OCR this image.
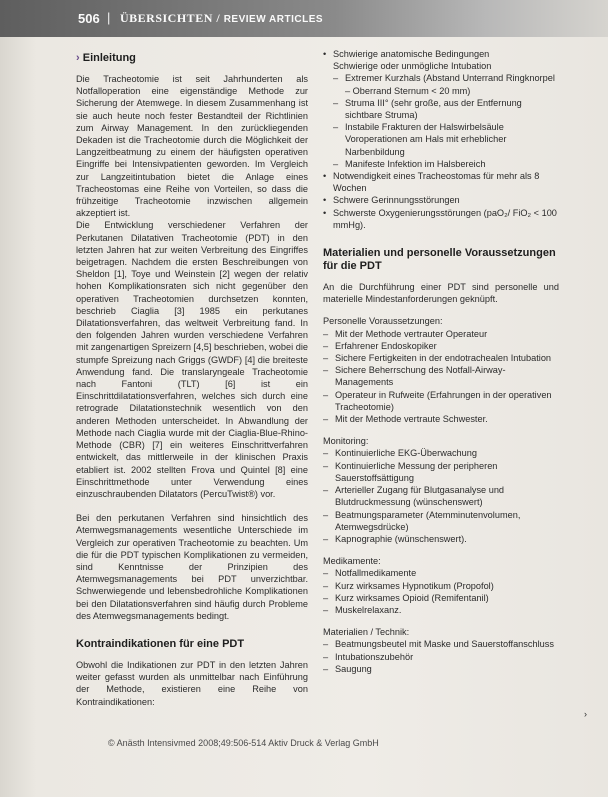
506 | ÜBERSICHTEN / REVIEW ARTICLES
› Einleitung

Die Tracheotomie ist seit Jahrhunderten als Notfalloperation eine eigenständige Methode zur Sicherung der Atemwege. In diesem Zusammenhang ist sie auch heute noch fester Bestandteil der Richtlinien zum Airway Management. In den zurückliegenden Dekaden ist die Tracheotomie durch die Möglichkeit der Langzeitbeatmung zu einem der häufigsten operativen Eingriffe bei Intensivpatienten geworden. Im Vergleich zur Langzeitintubation bietet die Anlage eines Tracheostomas eine Reihe von Vorteilen, so dass die frühzeitige Tracheotomie inzwischen allgemein akzeptiert ist.

Die Entwicklung verschiedener Verfahren der Perkutanen Dilatativen Tracheotomie (PDT) in den letzten Jahren hat zur weiten Verbreitung des Eingriffes beigetragen. Nachdem die ersten Beschreibungen von Sheldon [1], Toye und Weinstein [2] wegen der relativ hohen Komplikationsraten sich nicht gegenüber den operativen Tracheotomien durchsetzen konnten, beschrieb Ciaglia [3] 1985 ein perkutanes Dilatationsverfahren, das weltweit Verbreitung fand. In den folgenden Jahren wurden verschiedene Verfahren mit zangenartigen Spreizern [4,5] beschrieben, wobei die stumpfe Spreizung nach Griggs (GWDF) [4] die breiteste Anwendung fand. Die translaryngeale Tracheotomie nach Fantoni (TLT) [6] ist ein Einschrittdilatationsverfahren, welches sich durch eine retrograde Dilatationstechnik wesentlich von den anderen Methoden unterscheidet. In Abwandlung der Methode nach Ciaglia wurde mit der Ciaglia-Blue-Rhino-Methode (CBR) [7] ein weiteres Einschrittverfahren entwickelt, das mittlerweile in der klinischen Praxis etabliert ist. 2002 stellten Frova und Quintel [8] eine Einschrittmethode unter Verwendung eines einzuschraubenden Dilatators (PercuTwist®) vor.

Bei den perkutanen Verfahren sind hinsichtlich des Atemwegsmanagements wesentliche Unterschiede im Vergleich zur operativen Tracheotomie zu beachten. Um die für die PDT typischen Komplikationen zu vermeiden, sind Kenntnisse der Prinzipien des Atemwegsmanagements bei PDT unverzichtbar. Schwerwiegende und lebensbedrohliche Komplikationen bei den Dilatationsverfahren sind häufig durch Probleme des Atemwegsmanagements bedingt.

Kontraindikationen für eine PDT

Obwohl die Indikationen zur PDT in den letzten Jahren weiter gefasst wurden als unmittelbar nach Einführung der Methode, existieren eine Reihe von Kontraindikationen:

• Schwierige anatomische Bedingungen
Schwierige oder unmögliche Intubation
– Extremer Kurzhals (Abstand Unterrand Ringknorpel – Oberrand Sternum < 20 mm)
– Struma III° (sehr große, aus der Entfernung sichtbare Struma)
– Instabile Frakturen der Halswirbelsäule Voroperationen am Hals mit erheblicher Narbenbildung
– Manifeste Infektion im Halsbereich
• Notwendigkeit eines Tracheostomas für mehr als 8 Wochen
• Schwere Gerinnungsstörungen
• Schwerste Oxygenierungsstörungen (paO₂/ FiO₂ < 100 mmHg).
Materialien und personelle Voraussetzungen für die PDT

An die Durchführung einer PDT sind personelle und materielle Mindestanforderungen geknüpft.

Personelle Voraussetzungen:
– Mit der Methode vertrauter Operateur
– Erfahrener Endoskopiker
– Sichere Fertigkeiten in der endotrachealen Intubation
– Sichere Beherrschung des Notfall-Airway-Managements
– Operateur in Rufweite (Erfahrungen in der operativen Tracheotomie)
– Mit der Methode vertraute Schwester.
Monitoring:
– Kontinuierliche EKG-Überwachung
– Kontinuierliche Messung der peripheren Sauerstoffsättigung
– Arterieller Zugang für Blutgasanalyse und Blutdruckmessung (wünschenswert)
– Beatmungsparameter (Atemminutenvolumen, Atemwegsdrücke)
– Kapnographie (wünschenswert).
Medikamente:
– Notfallmedikamente
– Kurz wirksames Hypnotikum (Propofol)
– Kurz wirksames Opioid (Remifentanil)
– Muskelrelaxanz.
Materialien / Technik:
– Beatmungsbeutel mit Maske und Sauerstoffanschluss
– Intubationszubehör
– Saugung
›
© Anästh Intensivmed 2008;49:506-514 Aktiv Druck & Verlag GmbH
